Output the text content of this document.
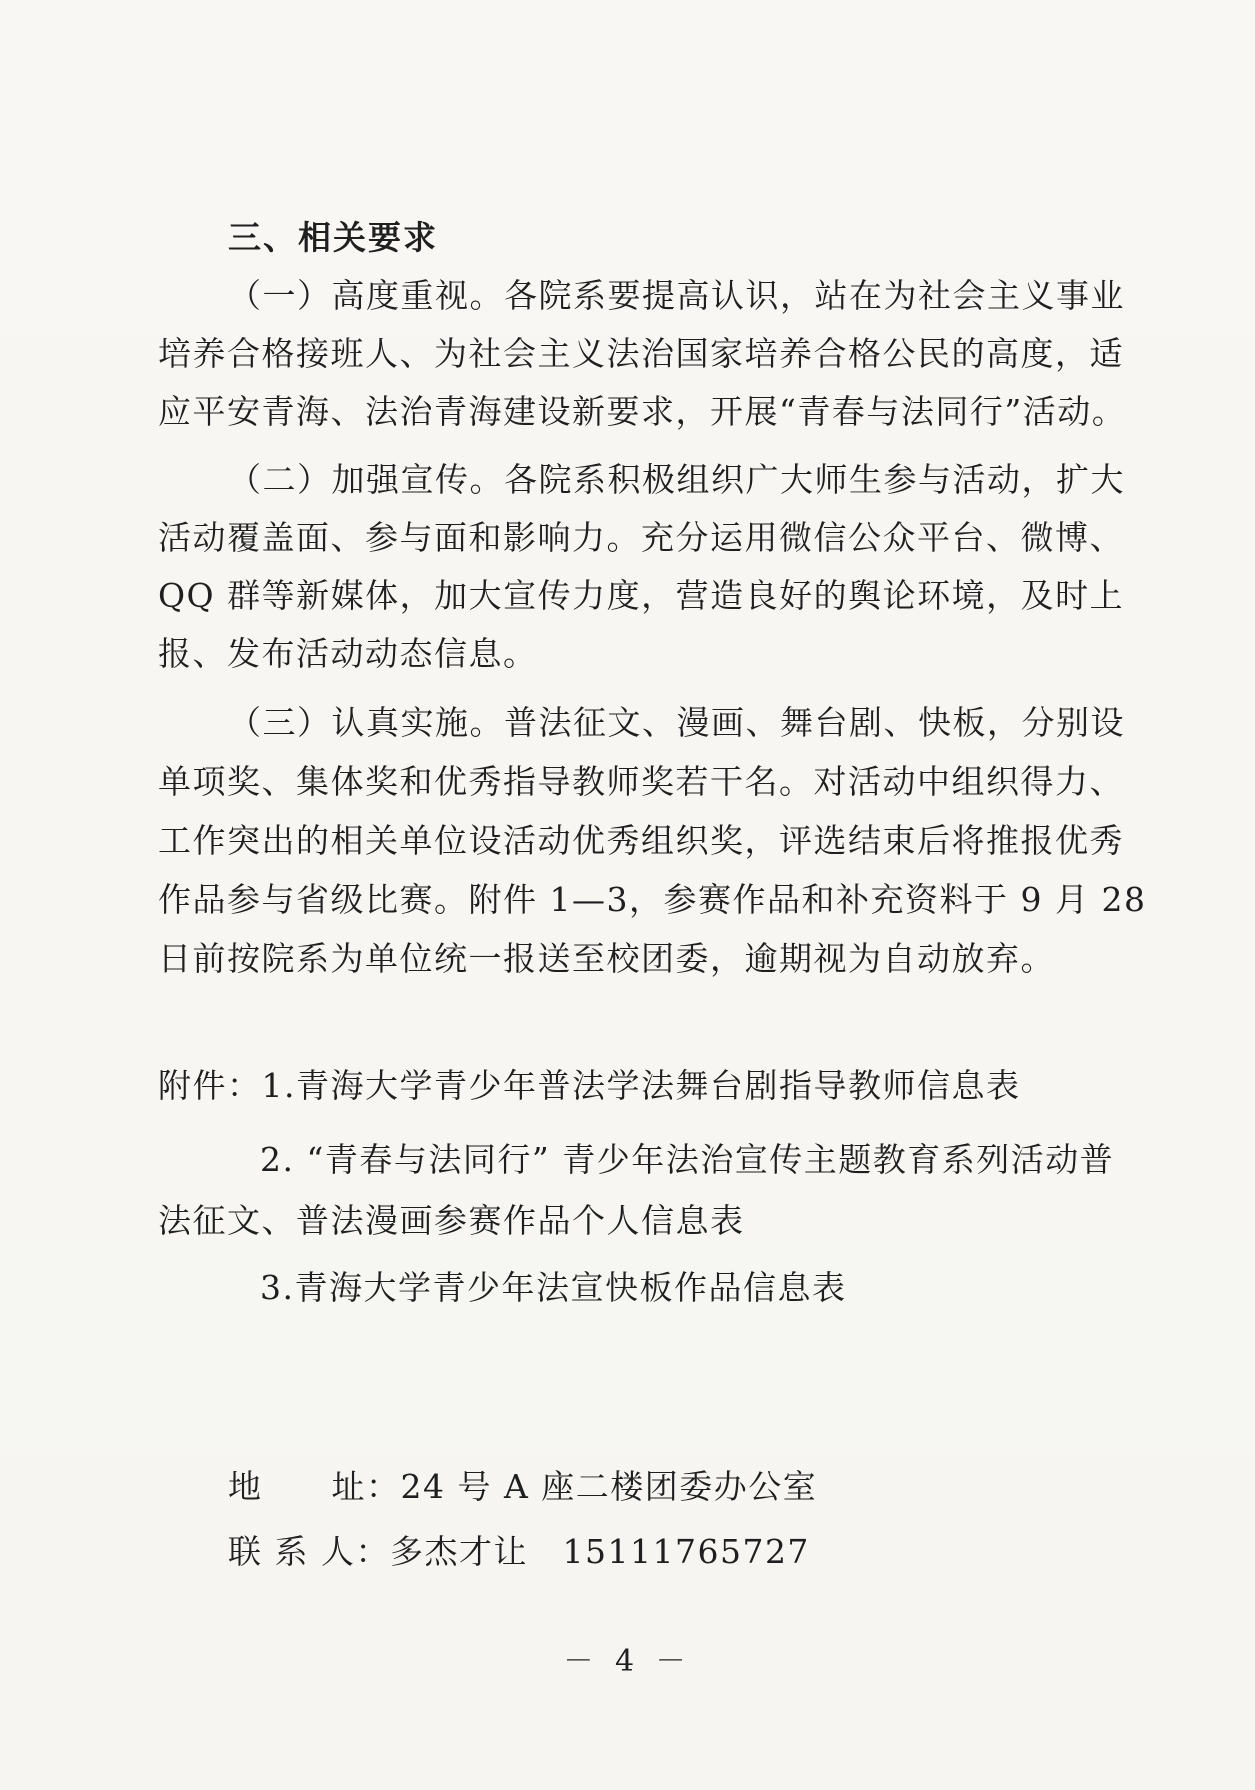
三、相关要求
（一）高度重视。各院系要提高认识，站在为社会主义事业
培养合格接班人、为社会主义法治国家培养合格公民的高度，适
应平安青海、法治青海建设新要求，开展“青春与法同行”活动。
（二）加强宣传。各院系积极组织广大师生参与活动，扩大
活动覆盖面、参与面和影响力。充分运用微信公众平台、微博、
QQ 群等新媒体，加大宣传力度，营造良好的舆论环境，及时上
报、发布活动动态信息。
（三）认真实施。普法征文、漫画、舞台剧、快板，分别设
单项奖、集体奖和优秀指导教师奖若干名。对活动中组织得力、
工作突出的相关单位设活动优秀组织奖，评选结束后将推报优秀
作品参与省级比赛。附件 1—3，参赛作品和补充资料于 9 月 28
日前按院系为单位统一报送至校团委，逾期视为自动放弃。
附件：1.青海大学青少年普法学法舞台剧指导教师信息表
2. “青春与法同行” 青少年法治宣传主题教育系列活动普
法征文、普法漫画参赛作品个人信息表
3.青海大学青少年法宣快板作品信息表
地　　址：24 号 A 座二楼团委办公室
联 系 人：多杰才让　15111765727
－ 4 －
